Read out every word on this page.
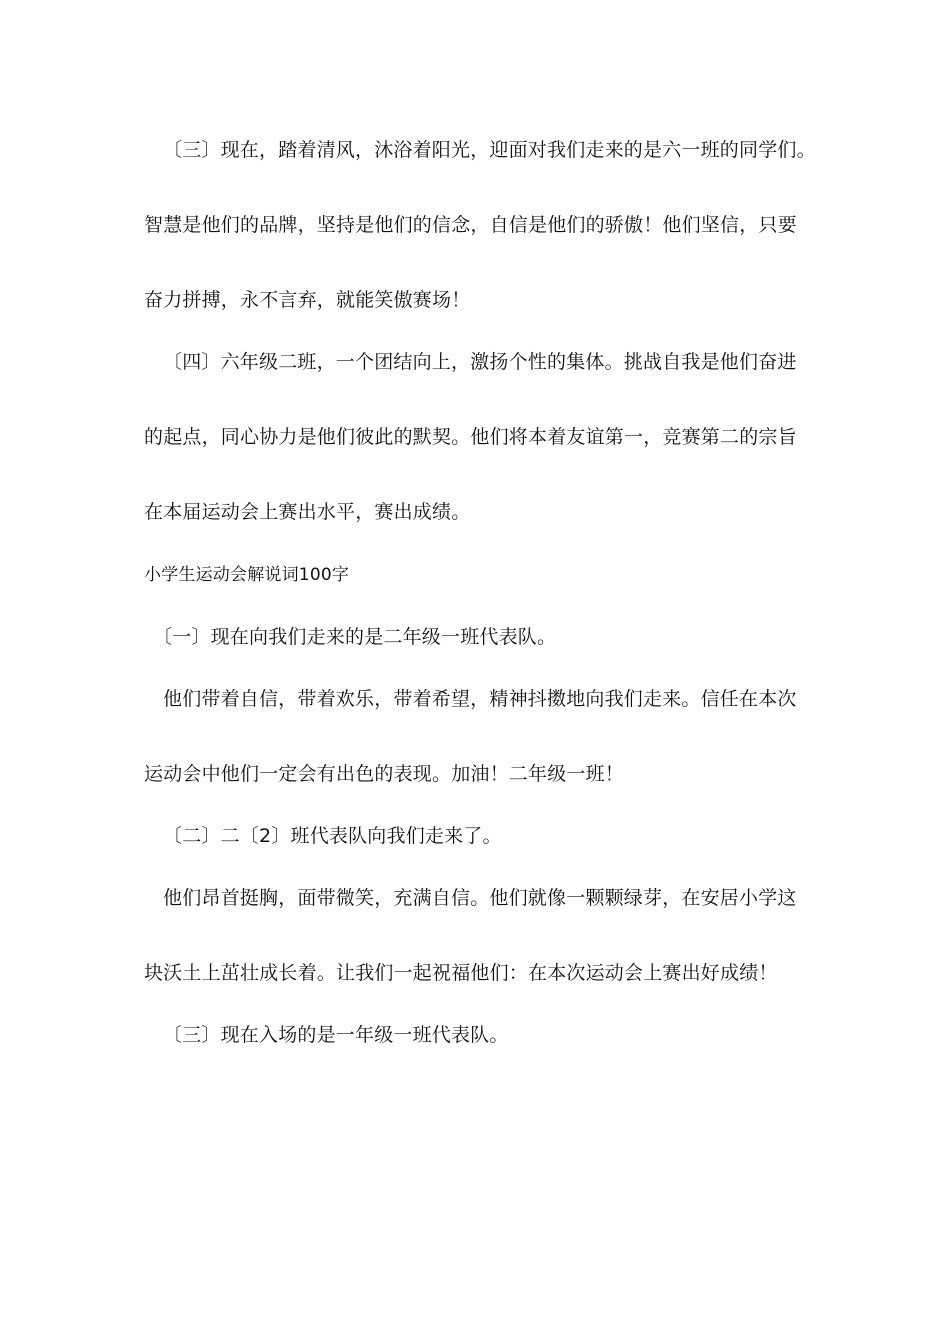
〔三〕现在，踏着清风，沐浴着阳光，迎面对我们走来的是六一班的同学们。
智慧是他们的品牌，坚持是他们的信念，自信是他们的骄傲！他们坚信，只要
奋力拼搏，永不言弃，就能笑傲赛场！
〔四〕六年级二班，一个团结向上，激扬个性的集体。挑战自我是他们奋进
的起点，同心协力是他们彼此的默契。他们将本着友谊第一，竞赛第二的宗旨
在本届运动会上赛出水平，赛出成绩。
小学生运动会解说词100字
〔一〕现在向我们走来的是二年级一班代表队。
他们带着自信，带着欢乐，带着希望，精神抖擞地向我们走来。信任在本次
运动会中他们一定会有出色的表现。加油！二年级一班！
〔二〕二〔2〕班代表队向我们走来了。
他们昂首挺胸，面带微笑，充满自信。他们就像一颗颗绿芽，在安居小学这
块沃土上茁壮成长着。让我们一起祝福他们：在本次运动会上赛出好成绩！
〔三〕现在入场的是一年级一班代表队。
